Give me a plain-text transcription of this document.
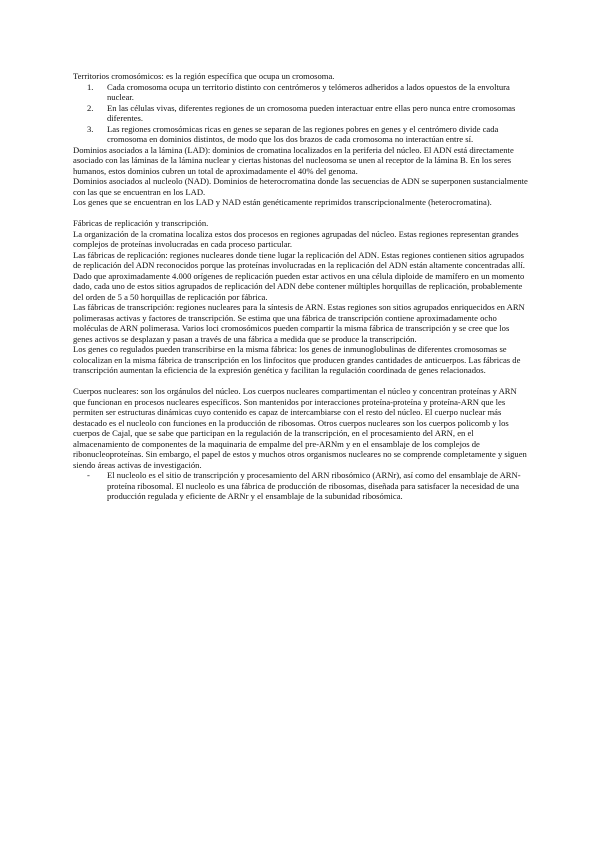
Territorios cromosómicos: es la región específica que ocupa un cromosoma.

1. Cada cromosoma ocupa un territorio distinto con centrómeros y telómeros adheridos a lados opuestos de la envoltura nuclear.
2. En las células vivas, diferentes regiones de un cromosoma pueden interactuar entre ellas pero nunca entre cromosomas diferentes.
3. Las regiones cromosómicas ricas en genes se separan de las regiones pobres en genes y el centrómero divide cada cromosoma en dominios distintos, de modo que los dos brazos de cada cromosoma no interactúan entre sí.

Dominios asociados a la lámina (LAD): dominios de cromatina localizados en la periferia del núcleo. El ADN está directamente asociado con las láminas de la lámina nuclear y ciertas histonas del nucleosoma se unen al receptor de la lámina B. En los seres humanos, estos dominios cubren un total de aproximadamente el 40% del genoma.

Dominios asociados al nucleolo (NAD). Dominios de heterocromatina donde las secuencias de ADN se superponen sustancialmente con las que se encuentran en los LAD.

Los genes que se encuentran en los LAD y NAD están genéticamente reprimidos transcripcionalmente (heterocromatina).

Fábricas de replicación y transcripción.

La organización de la cromatina localiza estos dos procesos en regiones agrupadas del núcleo. Estas regiones representan grandes complejos de proteínas involucradas en cada proceso particular.

Las fábricas de replicación: regiones nucleares donde tiene lugar la replicación del ADN. Estas regiones contienen sitios agrupados de replicación del ADN reconocidos porque las proteínas involucradas en la replicación del ADN están altamente concentradas allí. Dado que aproximadamente 4.000 orígenes de replicación pueden estar activos en una célula diploide de mamífero en un momento dado, cada uno de estos sitios agrupados de replicación del ADN debe contener múltiples horquillas de replicación, probablemente del orden de 5 a 50 horquillas de replicación por fábrica.

Las fábricas de transcripción: regiones nucleares para la síntesis de ARN. Estas regiones son sitios agrupados enriquecidos en ARN polimerasas activas y factores de transcripción. Se estima que una fábrica de transcripción contiene aproximadamente ocho moléculas de ARN polimerasa. Varios loci cromosómicos pueden compartir la misma fábrica de transcripción y se cree que los genes activos se desplazan y pasan a través de una fábrica a medida que se produce la transcripción.

Los genes co regulados pueden transcribirse en la misma fábrica: los genes de inmunoglobulinas de diferentes cromosomas se colocalizan en la misma fábrica de transcripción en los linfocitos que producen grandes cantidades de anticuerpos. Las fábricas de transcripción aumentan la eficiencia de la expresión genética y facilitan la regulación coordinada de genes relacionados.

Cuerpos nucleares: son los orgánulos del núcleo. Los cuerpos nucleares compartimentan el núcleo y concentran proteínas y ARN que funcionan en procesos nucleares específicos. Son mantenidos por interacciones proteína-proteína y proteína-ARN que les permiten ser estructuras dinámicas cuyo contenido es capaz de intercambiarse con el resto del núcleo. El cuerpo nuclear más destacado es el nucleolo con funciones en la producción de ribosomas. Otros cuerpos nucleares son los cuerpos policomb y los cuerpos de Cajal, que se sabe que participan en la regulación de la transcripción, en el procesamiento del ARN, en el almacenamiento de componentes de la maquinaria de empalme del pre-ARNm y en el ensamblaje de los complejos de ribonucleoproteínas. Sin embargo, el papel de estos y muchos otros organismos nucleares no se comprende completamente y siguen siendo áreas activas de investigación.

- El nucleolo es el sitio de transcripción y procesamiento del ARN ribosómico (ARNr), así como del ensamblaje de ARN-proteína ribosomal. El nucleolo es una fábrica de producción de ribosomas, diseñada para satisfacer la necesidad de una producción regulada y eficiente de ARNr y el ensamblaje de la subunidad ribosómica.
